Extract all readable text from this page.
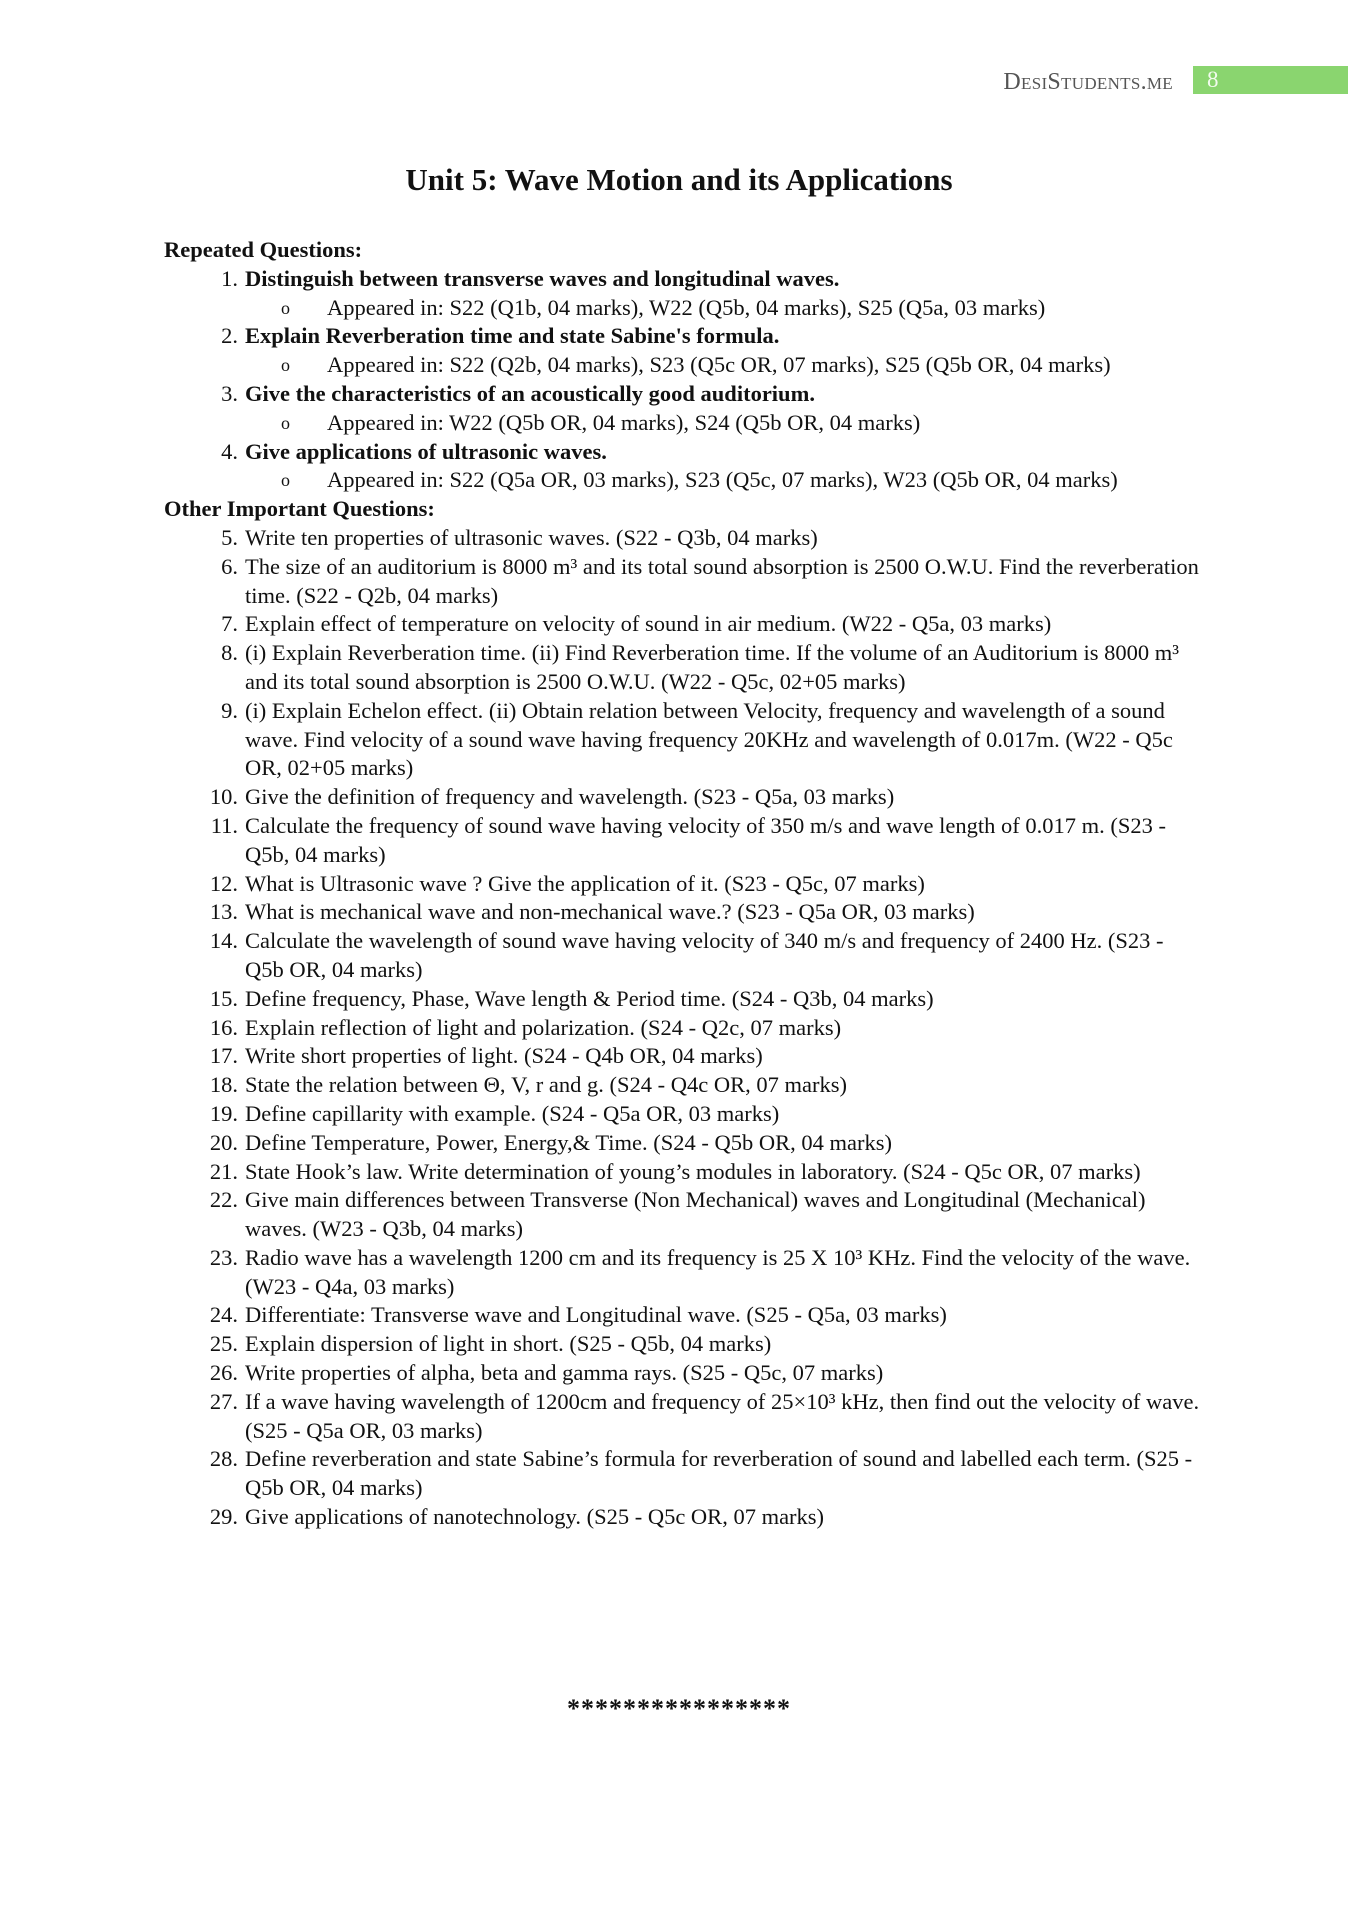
DesiStudents.me 8
Unit 5: Wave Motion and its Applications
Repeated Questions:
1. Distinguish between transverse waves and longitudinal waves.
o Appeared in: S22 (Q1b, 04 marks), W22 (Q5b, 04 marks), S25 (Q5a, 03 marks)
2. Explain Reverberation time and state Sabine's formula.
o Appeared in: S22 (Q2b, 04 marks), S23 (Q5c OR, 07 marks), S25 (Q5b OR, 04 marks)
3. Give the characteristics of an acoustically good auditorium.
o Appeared in: W22 (Q5b OR, 04 marks), S24 (Q5b OR, 04 marks)
4. Give applications of ultrasonic waves.
o Appeared in: S22 (Q5a OR, 03 marks), S23 (Q5c, 07 marks), W23 (Q5b OR, 04 marks)
Other Important Questions:
5. Write ten properties of ultrasonic waves. (S22 - Q3b, 04 marks)
6. The size of an auditorium is 8000 m³ and its total sound absorption is 2500 O.W.U. Find the reverberation time. (S22 - Q2b, 04 marks)
7. Explain effect of temperature on velocity of sound in air medium. (W22 - Q5a, 03 marks)
8. (i) Explain Reverberation time. (ii) Find Reverberation time. If the volume of an Auditorium is 8000 m³ and its total sound absorption is 2500 O.W.U. (W22 - Q5c, 02+05 marks)
9. (i) Explain Echelon effect. (ii) Obtain relation between Velocity, frequency and wavelength of a sound wave. Find velocity of a sound wave having frequency 20KHz and wavelength of 0.017m. (W22 - Q5c OR, 02+05 marks)
10. Give the definition of frequency and wavelength. (S23 - Q5a, 03 marks)
11. Calculate the frequency of sound wave having velocity of 350 m/s and wave length of 0.017 m. (S23 - Q5b, 04 marks)
12. What is Ultrasonic wave ? Give the application of it. (S23 - Q5c, 07 marks)
13. What is mechanical wave and non-mechanical wave.? (S23 - Q5a OR, 03 marks)
14. Calculate the wavelength of sound wave having velocity of 340 m/s and frequency of 2400 Hz. (S23 - Q5b OR, 04 marks)
15. Define frequency, Phase, Wave length & Period time. (S24 - Q3b, 04 marks)
16. Explain reflection of light and polarization. (S24 - Q2c, 07 marks)
17. Write short properties of light. (S24 - Q4b OR, 04 marks)
18. State the relation between Θ, V, r and g. (S24 - Q4c OR, 07 marks)
19. Define capillarity with example. (S24 - Q5a OR, 03 marks)
20. Define Temperature, Power, Energy,& Time. (S24 - Q5b OR, 04 marks)
21. State Hook’s law. Write determination of young’s modules in laboratory. (S24 - Q5c OR, 07 marks)
22. Give main differences between Transverse (Non Mechanical) waves and Longitudinal (Mechanical) waves. (W23 - Q3b, 04 marks)
23. Radio wave has a wavelength 1200 cm and its frequency is 25 X 10³ KHz. Find the velocity of the wave. (W23 - Q4a, 03 marks)
24. Differentiate: Transverse wave and Longitudinal wave. (S25 - Q5a, 03 marks)
25. Explain dispersion of light in short. (S25 - Q5b, 04 marks)
26. Write properties of alpha, beta and gamma rays. (S25 - Q5c, 07 marks)
27. If a wave having wavelength of 1200cm and frequency of 25×10³ kHz, then find out the velocity of wave. (S25 - Q5a OR, 03 marks)
28. Define reverberation and state Sabine’s formula for reverberation of sound and labelled each term. (S25 - Q5b OR, 04 marks)
29. Give applications of nanotechnology. (S25 - Q5c OR, 07 marks)
****************
